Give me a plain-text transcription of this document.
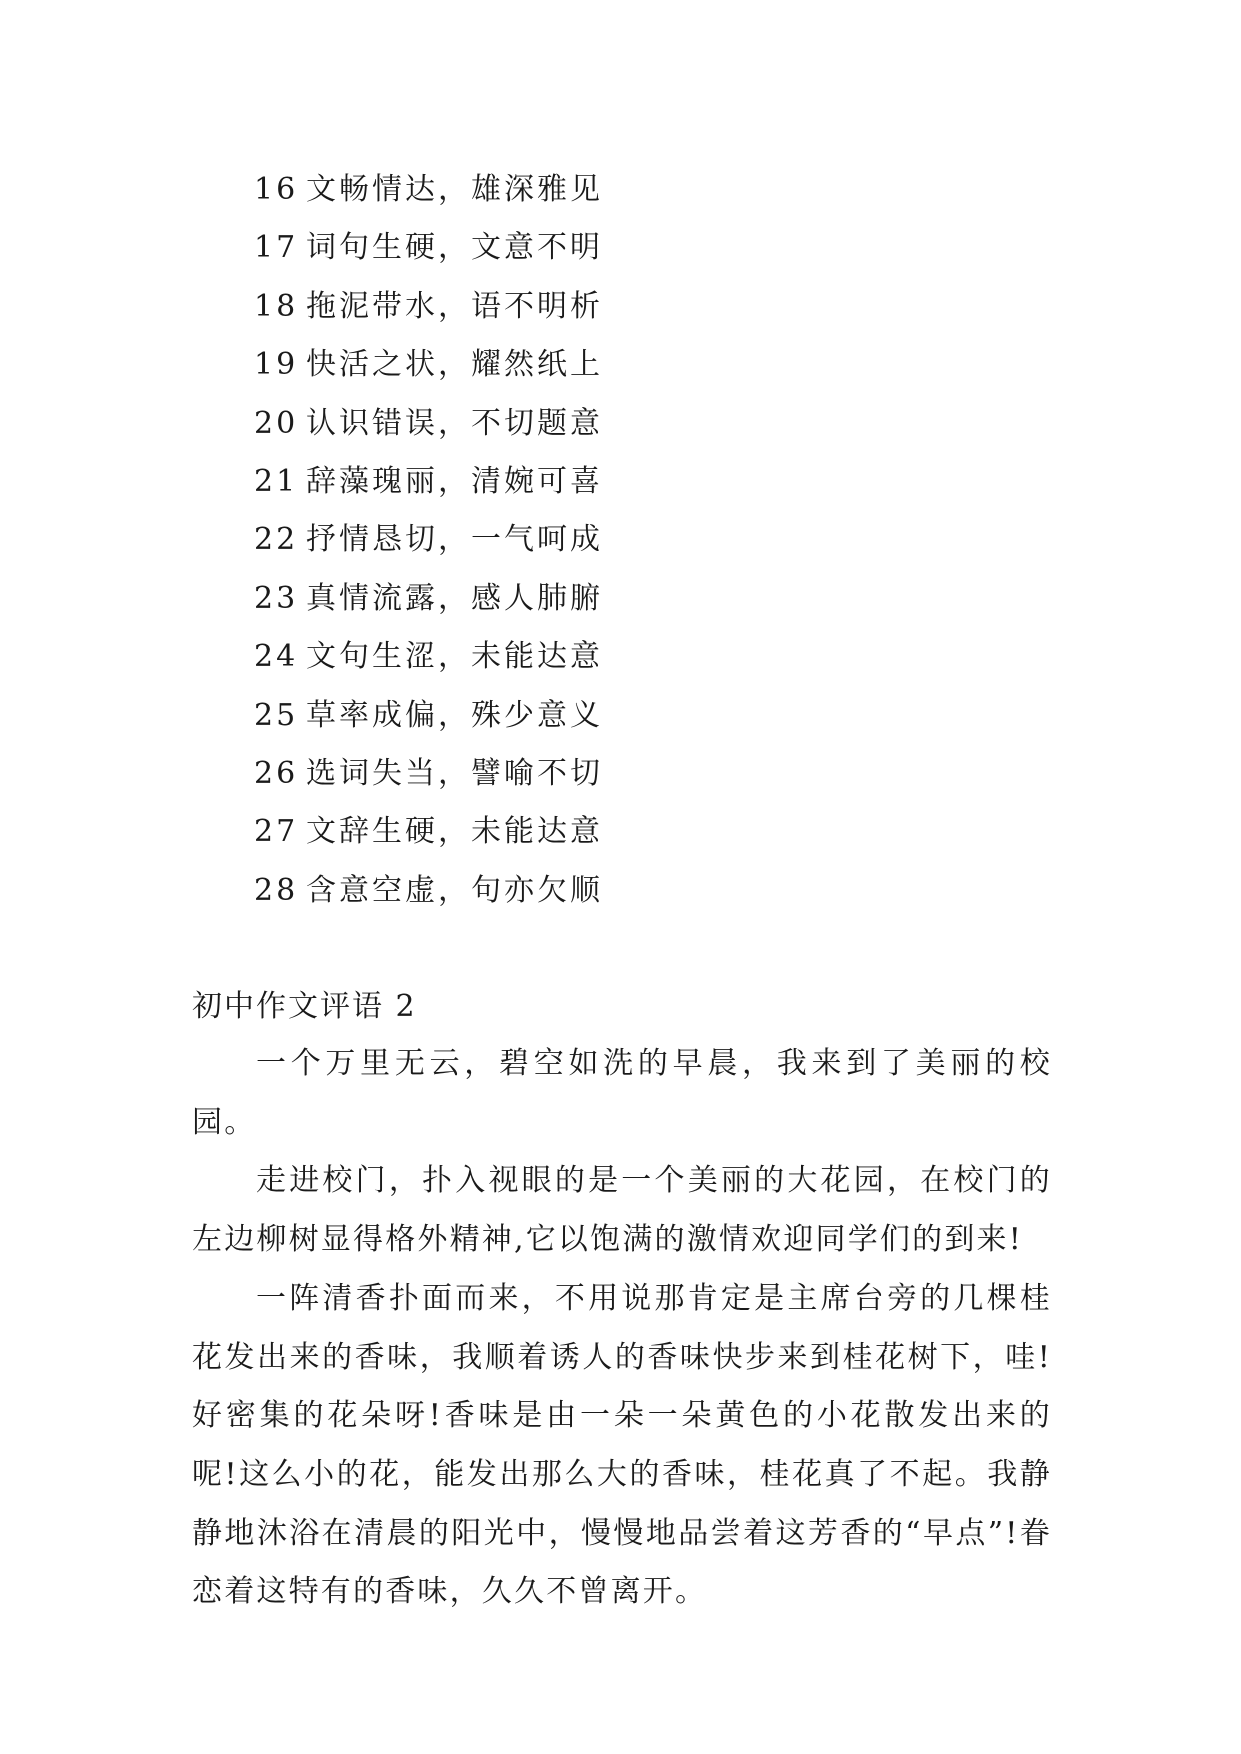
16 文畅情达，雄深雅见
17 词句生硬，文意不明
18 拖泥带水，语不明析
19 快活之状，耀然纸上
20 认识错误，不切题意
21 辞藻瑰丽，清婉可喜
22 抒情恳切，一气呵成
23 真情流露，感人肺腑
24 文句生涩，未能达意
25 草率成偏，殊少意义
26 选词失当，譬喻不切
27 文辞生硬，未能达意
28 含意空虚，句亦欠顺
初中作文评语 2

一个万里无云，碧空如洗的早晨，我来到了美丽的校园。

走进校门，扑入视眼的是一个美丽的大花园，在校门的左边柳树显得格外精神,它以饱满的激情欢迎同学们的到来!

一阵清香扑面而来，不用说那肯定是主席台旁的几棵桂花发出来的香味，我顺着诱人的香味快步来到桂花树下，哇!好密集的花朵呀!香味是由一朵一朵黄色的小花散发出来的呢!这么小的花，能发出那么大的香味，桂花真了不起。我静静地沐浴在清晨的阳光中，慢慢地品尝着这芳香的“早点”!眷恋着这特有的香味，久久不曾离开。
